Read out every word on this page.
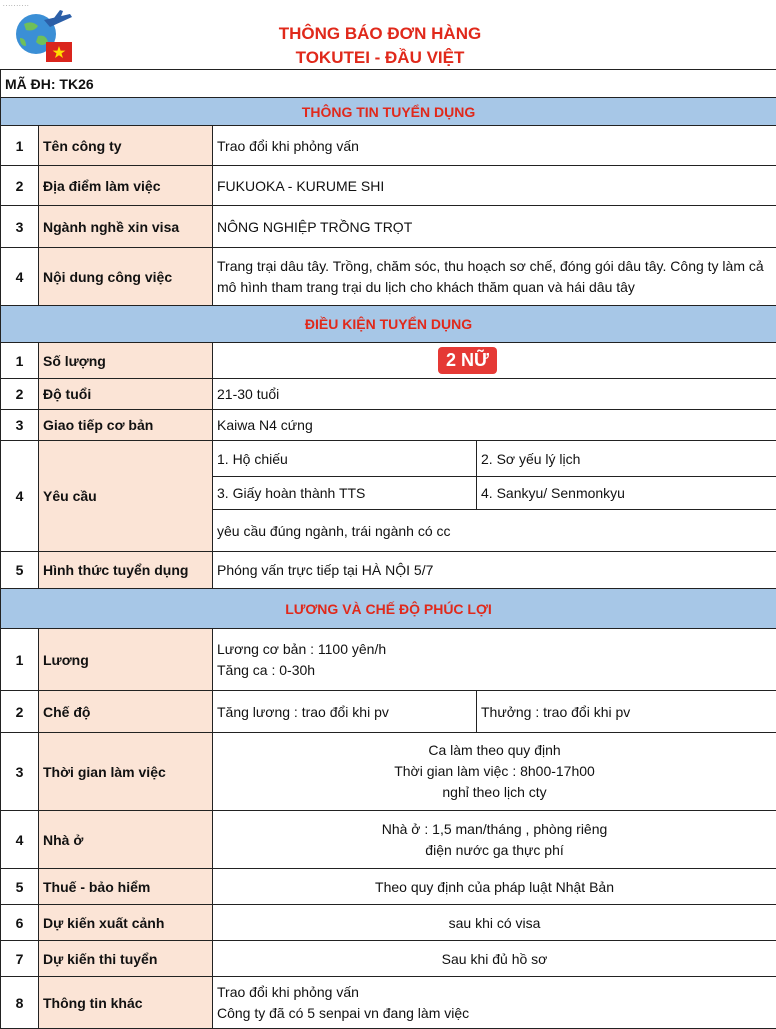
..........
THÔNG BÁO ĐƠN HÀNG
TOKUTEI - ĐẦU VIỆT
MÃ ĐH: TK26			
THÔNG TIN TUYỂN DỤNG			
1	Tên công ty	Trao đổi khi phỏng vấn	
2	Địa điểm làm việc	FUKUOKA - KURUME SHI	
3	Ngành nghề xin visa	NÔNG NGHIỆP TRỒNG TRỌT	
4	Nội dung công việc	Trang trại dâu tây. Trồng, chăm sóc, thu hoạch sơ chế, đóng gói dâu tây. Công ty làm cả mô hình tham trang trại du lịch cho khách thăm quan và hái dâu tây	
ĐIỀU KIỆN TUYỂN DỤNG			
1	Số lượng	2 NỮ	
2	Độ tuổi	21-30 tuổi	
3	Giao tiếp cơ bản	Kaiwa N4 cứng	
4	Yêu cầu	1. Hộ chiếu	2. Sơ yếu lý lịch
		3. Giấy hoàn thành TTS	4. Sankyu/ Senmonkyu
		yêu cầu đúng ngành, trái ngành có cc	
5	Hình thức tuyển dụng	Phóng vấn trực tiếp tại HÀ NỘI 5/7	
LƯƠNG VÀ CHẾ ĐỘ PHÚC LỢI			
1	Lương	Lương cơ bản : 1100 yên/h
Tăng ca : 0-30h	

2	Chế độ	Tăng lương : trao đổi khi pv	Thưởng : trao đổi khi pv
3	Thời gian làm việc	Ca làm theo quy định
Thời gian làm việc : 8h00-17h00
nghỉ theo lịch cty	

4	Nhà ở	Nhà ở : 1,5 man/tháng , phòng riêng
điện nước ga thực phí	

5	Thuế - bảo hiểm	Theo quy định của pháp luật Nhật Bản	
6	Dự kiến xuất cảnh	sau khi có visa	
7	Dự kiến thi tuyển	Sau khi đủ hồ sơ	
8	Thông tin khác	Trao đổi khi phỏng vấn
Công ty đã có 5 senpai vn đang làm việc	
